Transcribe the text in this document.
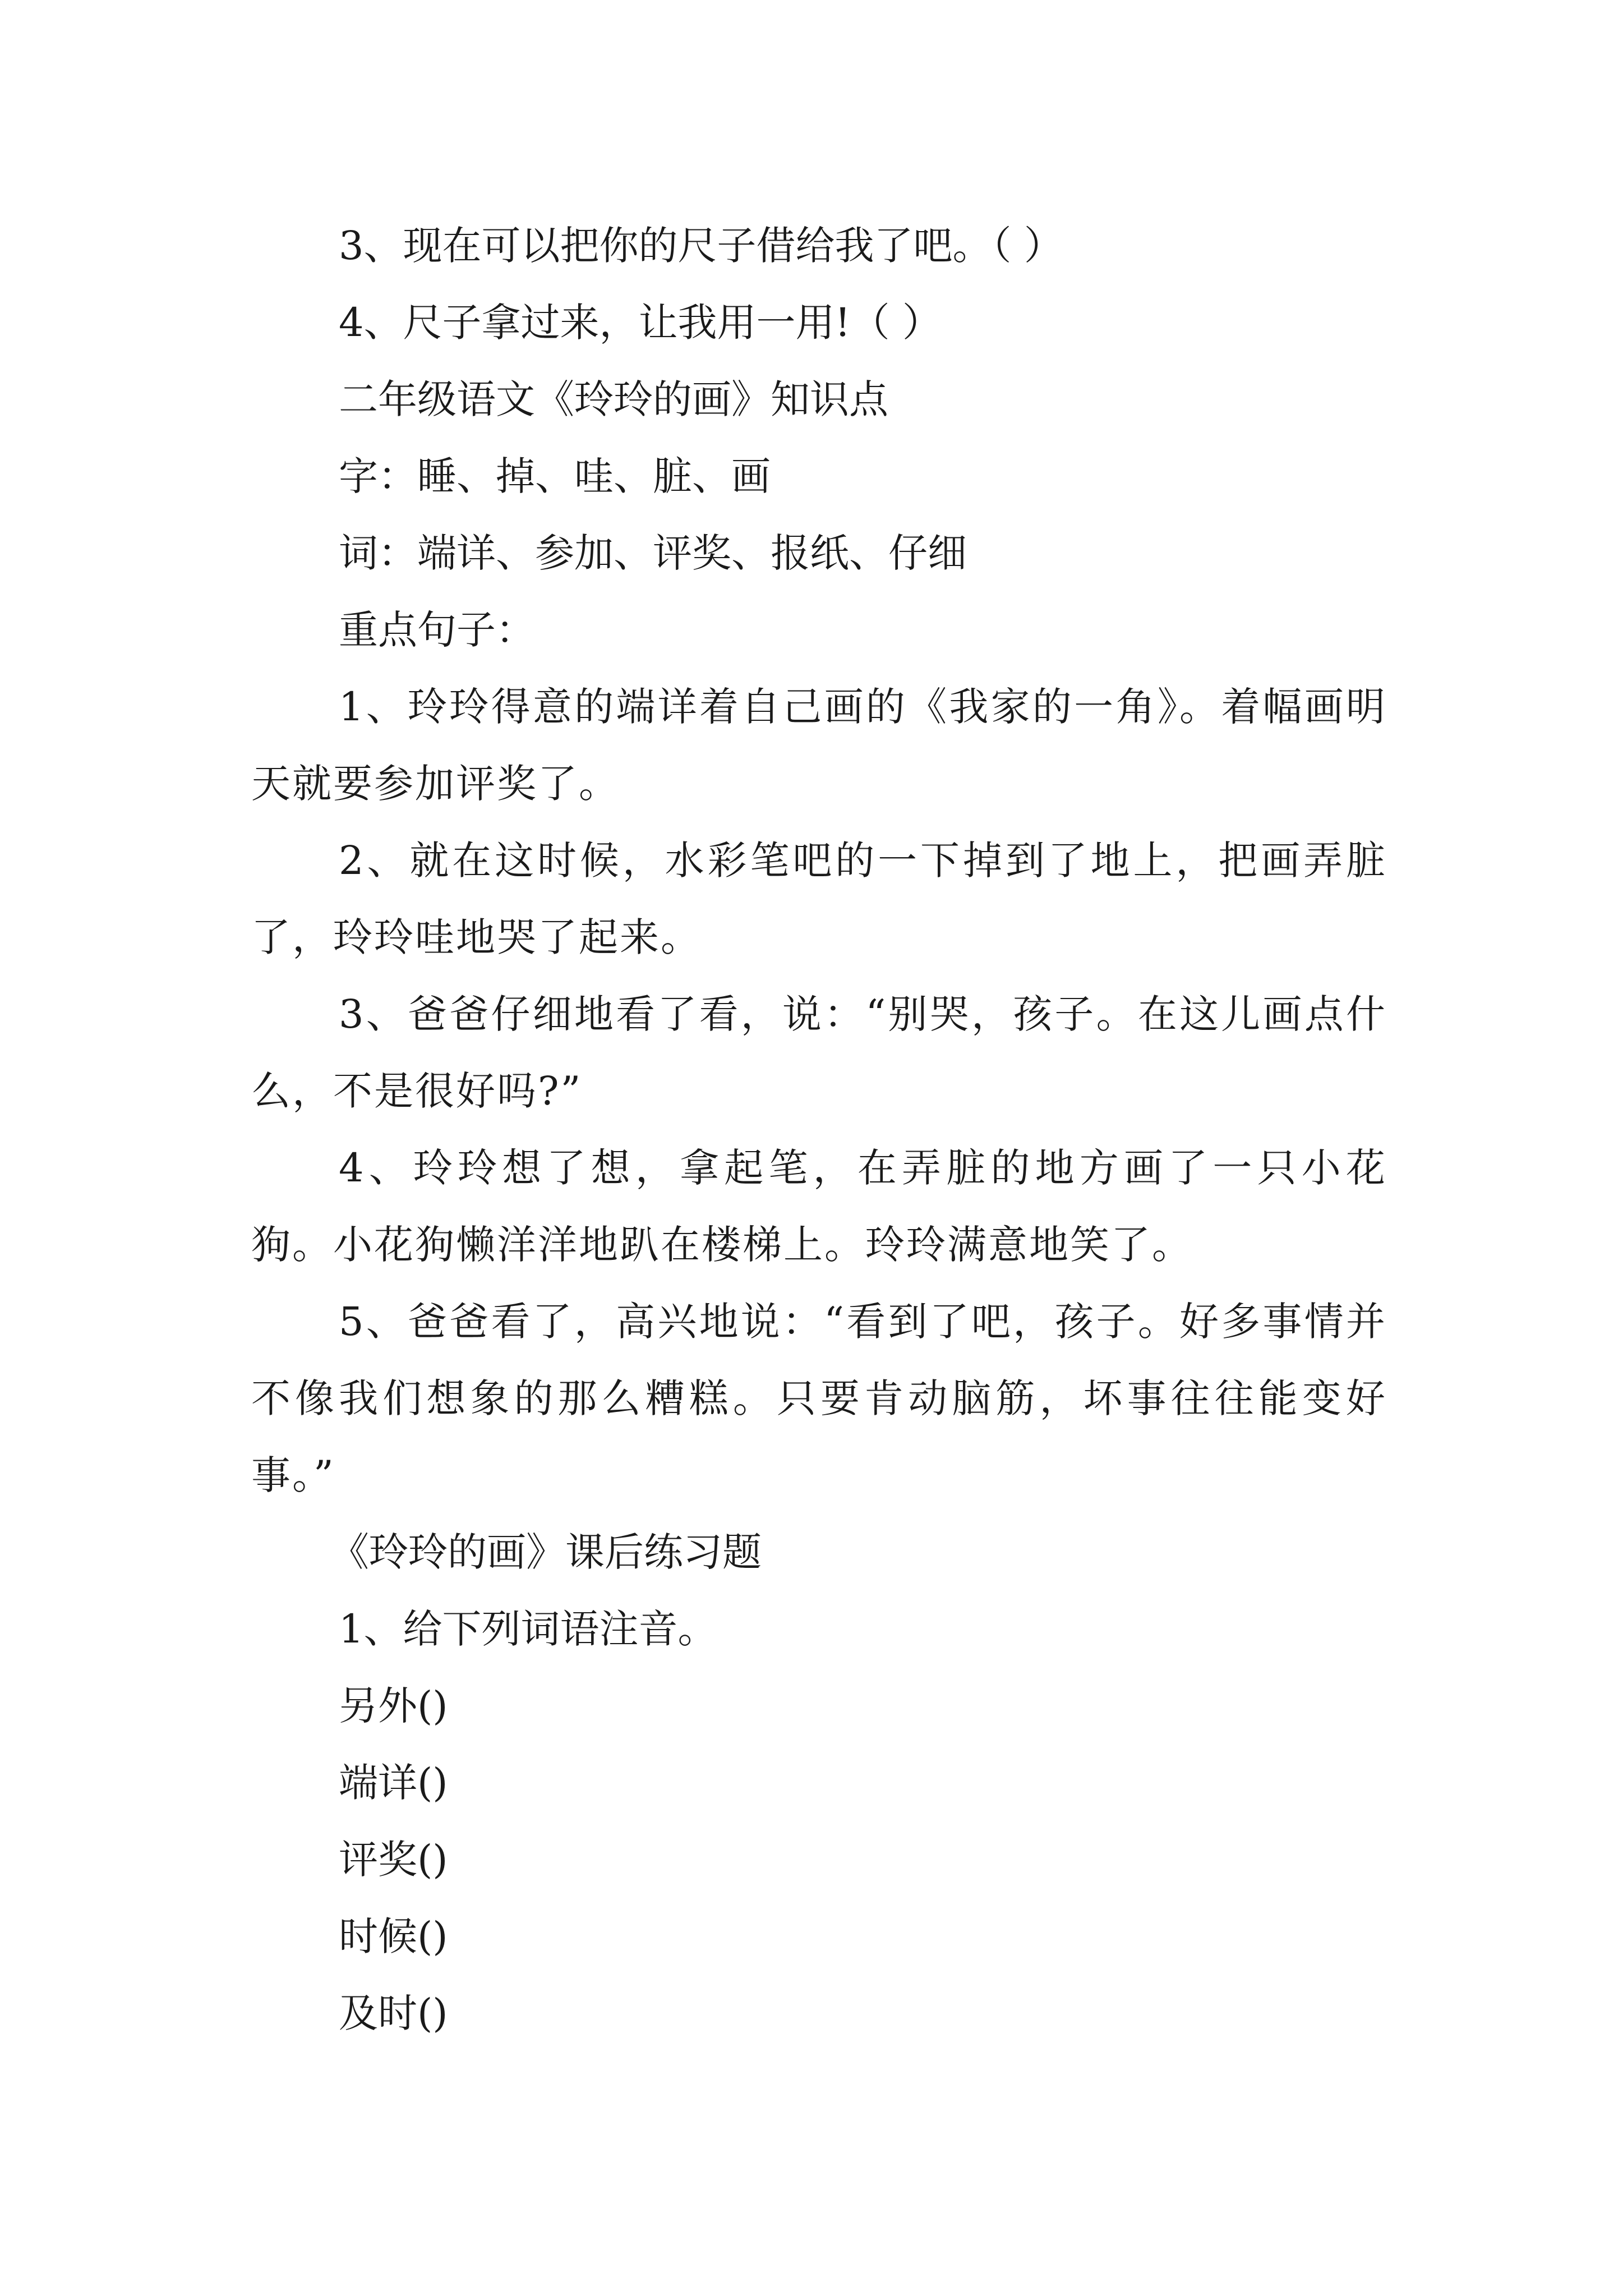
3、现在可以把你的尺子借给我了吧。（ ）

4、尺子拿过来，让我用一用!（ ）

二年级语文《玲玲的画》知识点

字：睡、掉、哇、脏、画

词：端详、参加、评奖、报纸、仔细

重点句子：

1、玲玲得意的端详着自己画的《我家的一角》。着幅画明天就要参加评奖了。

2、就在这时候，水彩笔吧的一下掉到了地上，把画弄脏了，玲玲哇地哭了起来。

3、爸爸仔细地看了看，说：“别哭，孩子。在这儿画点什么，不是很好吗?”

4、玲玲想了想，拿起笔，在弄脏的地方画了一只小花狗。小花狗懒洋洋地趴在楼梯上。玲玲满意地笑了。

5、爸爸看了，高兴地说：“看到了吧，孩子。好多事情并不像我们想象的那么糟糕。只要肯动脑筋，坏事往往能变好事。”

《玲玲的画》课后练习题

1、给下列词语注音。

另外()

端详()

评奖()

时候()

及时()
